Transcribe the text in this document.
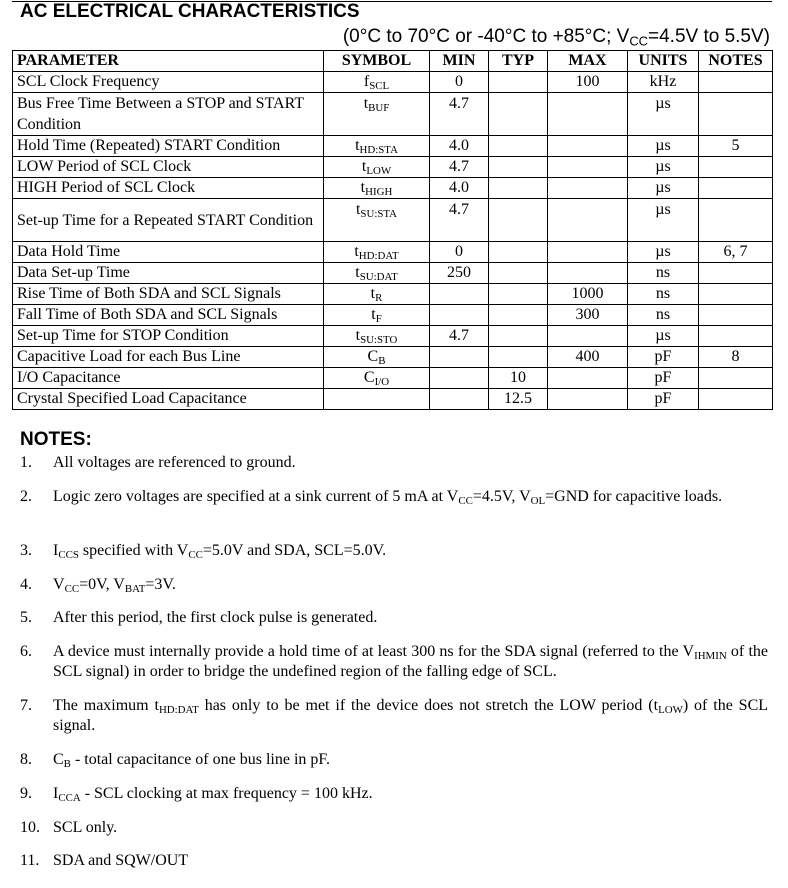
AC ELECTRICAL CHARACTERISTICS
(0°C to 70°C or -40°C to +85°C; $V_{CC}=4.5V$ to 5.5V)
PARAMETER	SYMBOL	MIN	TYP	MAX	UNITS	NOTES
SCL Clock Frequency	$f_{SCL}$	0		100	kHz	
Bus Free Time Between a STOP and START Condition	$t_{BUF}$	4.7			µs	
Hold Time (Repeated) START Condition	$t_{HD:STA}$	4.0			µs	5
LOW Period of SCL Clock	$t_{LOW}$	4.7			µs	
HIGH Period of SCL Clock	$t_{HIGH}$	4.0			µs	
Set-up Time for a Repeated START Condition	$t_{SU:STA}$	4.7			µs	
Data Hold Time	$t_{HD:DAT}$	0			µs	6, 7
Data Set-up Time	$t_{SU:DAT}$	250			ns	
Rise Time of Both SDA and SCL Signals	$t_R$			1000	ns	
Fall Time of Both SDA and SCL Signals	$t_F$			300	ns	
Set-up Time for STOP Condition	$t_{SU:STO}$	4.7			µs	
Capacitive Load for each Bus Line	$C_B$			400	pF	8
I/O Capacitance	$C_{I/O}$		10		pF	
Crystal Specified Load Capacitance			12.5		pF	
NOTES:
1. All voltages are referenced to ground.
2. Logic zero voltages are specified at a sink current of 5 mA at $V_{CC}=4.5V$, $V_{OL}=GND$ for capacitive loads.
3. $I_{CCS}$ specified with $V_{CC}=5.0V$ and SDA, SCL=5.0V.
4. $V_{CC}=0V$, $V_{BAT}=3V$.
5. After this period, the first clock pulse is generated.
6. A device must internally provide a hold time of at least 300 ns for the SDA signal (referred to the $V_{IHMIN}$ of the SCL signal) in order to bridge the undefined region of the falling edge of SCL.
7. The maximum $t_{HD:DAT}$ has only to be met if the device does not stretch the LOW period $(t_{LOW})$ of the SCL signal.
8. $C_B$ - total capacitance of one bus line in pF.
9. $I_{CCA}$ - SCL clocking at max frequency = 100 kHz.
10. SCL only.
11. SDA and SQW/OUT
